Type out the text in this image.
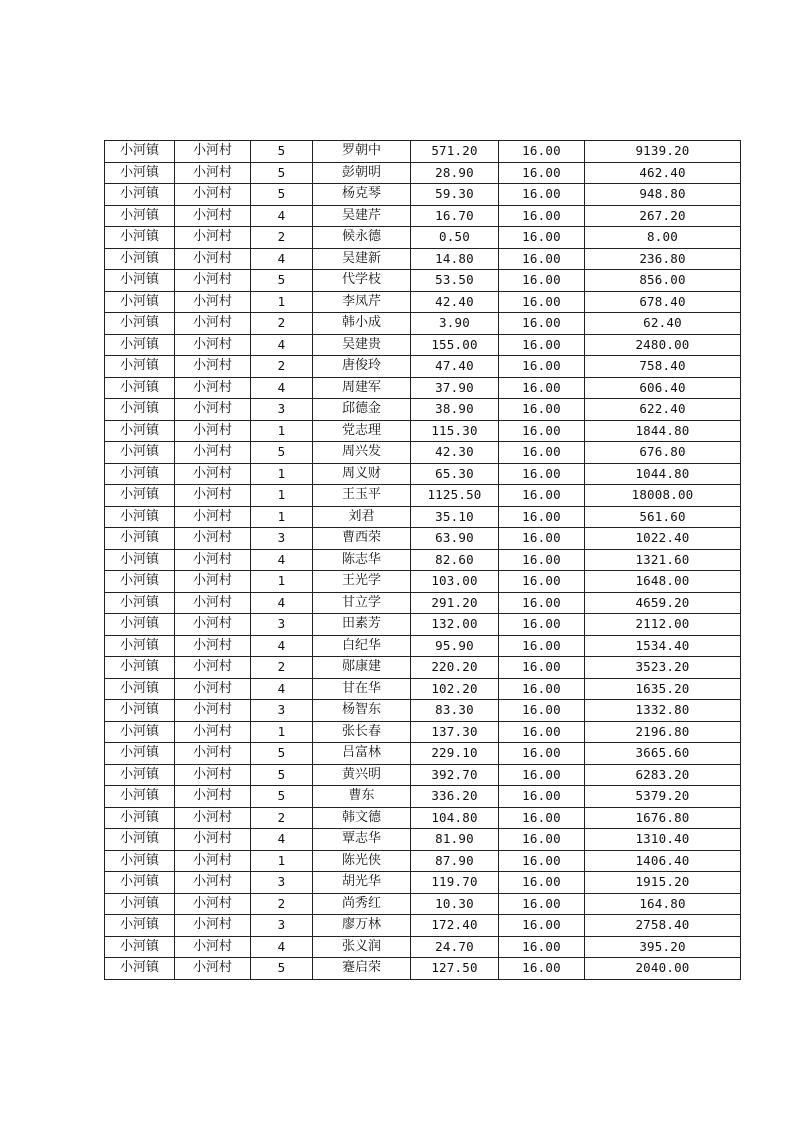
小河镇	小河村	5	罗朝中	571.20	16.00	9139.20
小河镇	小河村	5	彭朝明	28.90	16.00	462.40
小河镇	小河村	5	杨克琴	59.30	16.00	948.80
小河镇	小河村	4	吴建芹	16.70	16.00	267.20
小河镇	小河村	2	候永德	0.50	16.00	8.00
小河镇	小河村	4	吴建新	14.80	16.00	236.80
小河镇	小河村	5	代学枝	53.50	16.00	856.00
小河镇	小河村	1	李凤芹	42.40	16.00	678.40
小河镇	小河村	2	韩小成	3.90	16.00	62.40
小河镇	小河村	4	吴建贵	155.00	16.00	2480.00
小河镇	小河村	2	唐俊玲	47.40	16.00	758.40
小河镇	小河村	4	周建军	37.90	16.00	606.40
小河镇	小河村	3	邱德金	38.90	16.00	622.40
小河镇	小河村	1	党志理	115.30	16.00	1844.80
小河镇	小河村	5	周兴发	42.30	16.00	676.80
小河镇	小河村	1	周义财	65.30	16.00	1044.80
小河镇	小河村	1	王玉平	1125.50	16.00	18008.00
小河镇	小河村	1	刘君	35.10	16.00	561.60
小河镇	小河村	3	曹西荣	63.90	16.00	1022.40
小河镇	小河村	4	陈志华	82.60	16.00	1321.60
小河镇	小河村	1	王光学	103.00	16.00	1648.00
小河镇	小河村	4	甘立学	291.20	16.00	4659.20
小河镇	小河村	3	田素芳	132.00	16.00	2112.00
小河镇	小河村	4	白纪华	95.90	16.00	1534.40
小河镇	小河村	2	郧康建	220.20	16.00	3523.20
小河镇	小河村	4	甘在华	102.20	16.00	1635.20
小河镇	小河村	3	杨智东	83.30	16.00	1332.80
小河镇	小河村	1	张长春	137.30	16.00	2196.80
小河镇	小河村	5	吕富林	229.10	16.00	3665.60
小河镇	小河村	5	黄兴明	392.70	16.00	6283.20
小河镇	小河村	5	曹东	336.20	16.00	5379.20
小河镇	小河村	2	韩文德	104.80	16.00	1676.80
小河镇	小河村	4	覃志华	81.90	16.00	1310.40
小河镇	小河村	1	陈光侠	87.90	16.00	1406.40
小河镇	小河村	3	胡光华	119.70	16.00	1915.20
小河镇	小河村	2	尚秀红	10.30	16.00	164.80
小河镇	小河村	3	廖万林	172.40	16.00	2758.40
小河镇	小河村	4	张义润	24.70	16.00	395.20
小河镇	小河村	5	蹇启荣	127.50	16.00	2040.00
